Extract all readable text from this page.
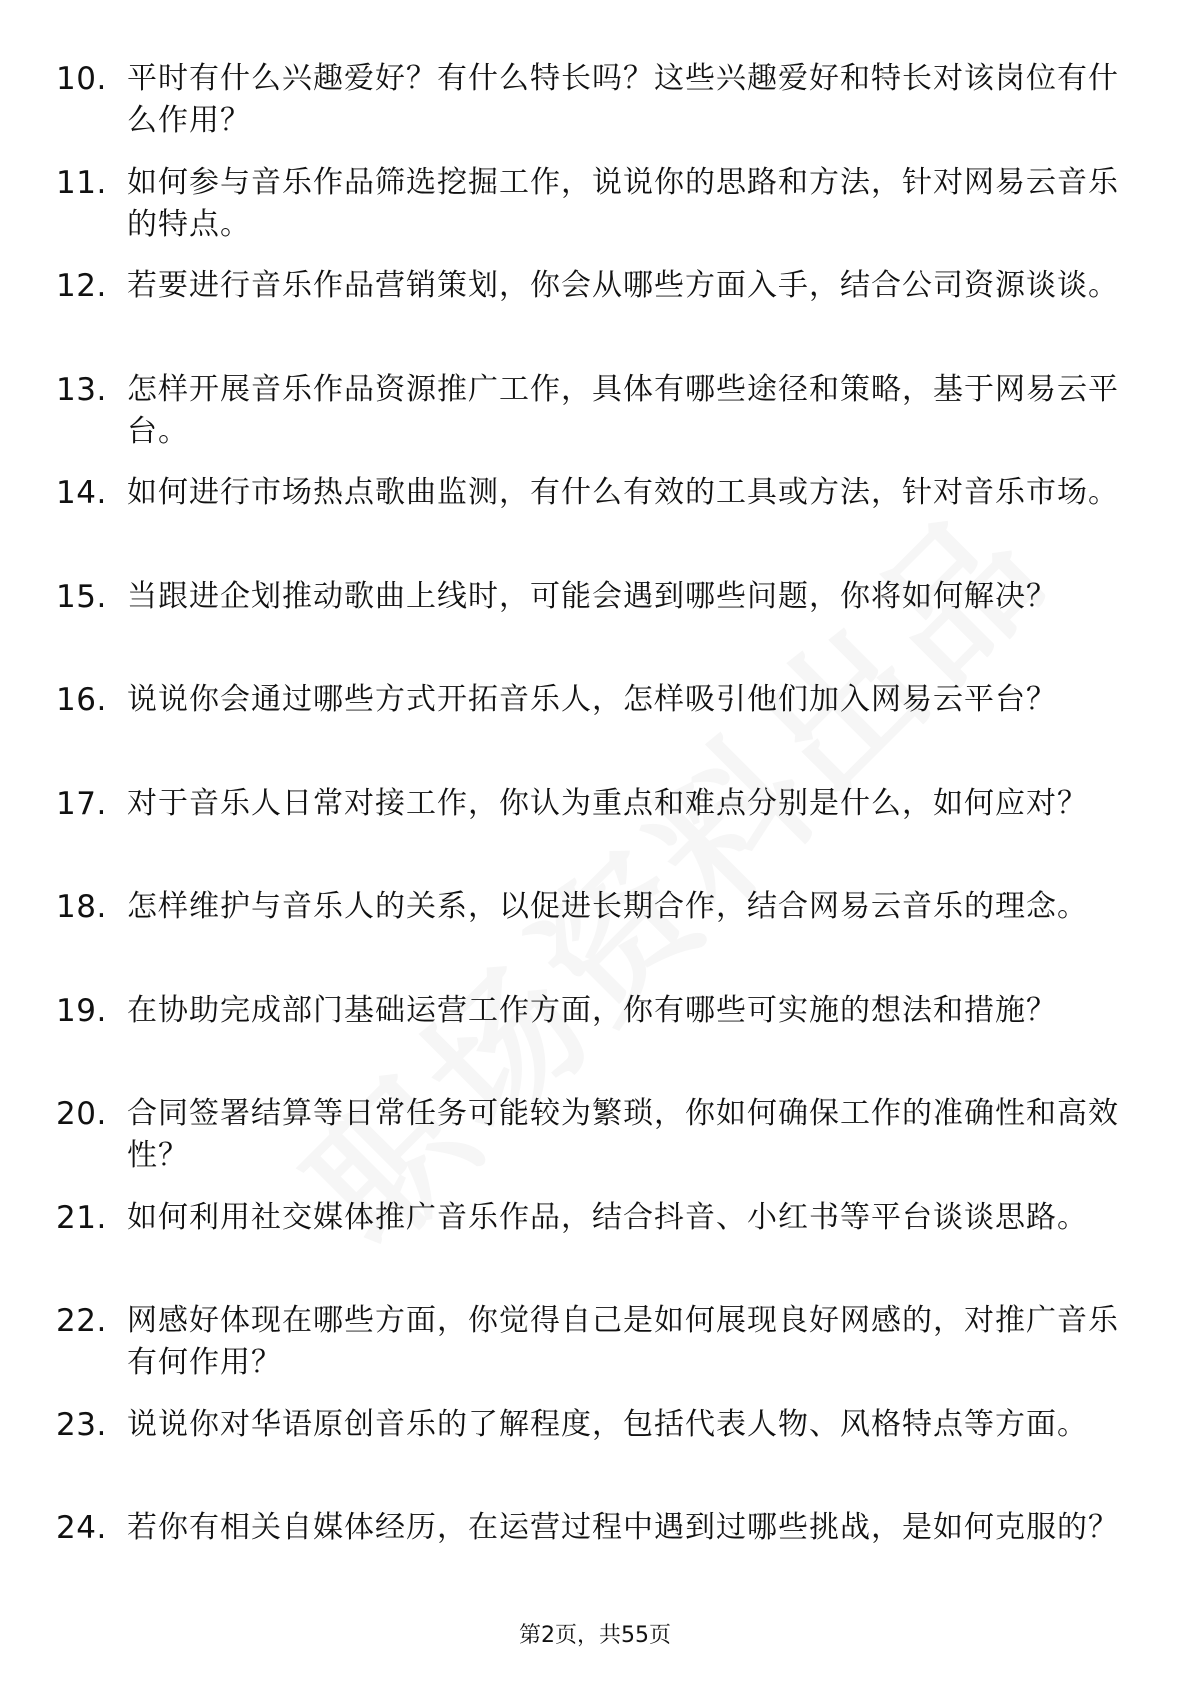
10. 平时有什么兴趣爱好？有什么特长吗？这些兴趣爱好和特长对该岗位有什么作用？
11. 如何参与音乐作品筛选挖掘工作，说说你的思路和方法，针对网易云音乐的特点。
12. 若要进行音乐作品营销策划，你会从哪些方面入手，结合公司资源谈谈。
13. 怎样开展音乐作品资源推广工作，具体有哪些途径和策略，基于网易云平台。
14. 如何进行市场热点歌曲监测，有什么有效的工具或方法，针对音乐市场。
15. 当跟进企划推动歌曲上线时，可能会遇到哪些问题，你将如何解决？
16. 说说你会通过哪些方式开拓音乐人，怎样吸引他们加入网易云平台？
17. 对于音乐人日常对接工作，你认为重点和难点分别是什么，如何应对？
18. 怎样维护与音乐人的关系，以促进长期合作，结合网易云音乐的理念。
19. 在协助完成部门基础运营工作方面，你有哪些可实施的想法和措施？
20. 合同签署结算等日常任务可能较为繁琐，你如何确保工作的准确性和高效性？
21. 如何利用社交媒体推广音乐作品，结合抖音、小红书等平台谈谈思路。
22. 网感好体现在哪些方面，你觉得自己是如何展现良好网感的，对推广音乐有何作用？
23. 说说你对华语原创音乐的了解程度，包括代表人物、风格特点等方面。
24. 若你有相关自媒体经历，在运营过程中遇到过哪些挑战，是如何克服的？
第2页，共55页
